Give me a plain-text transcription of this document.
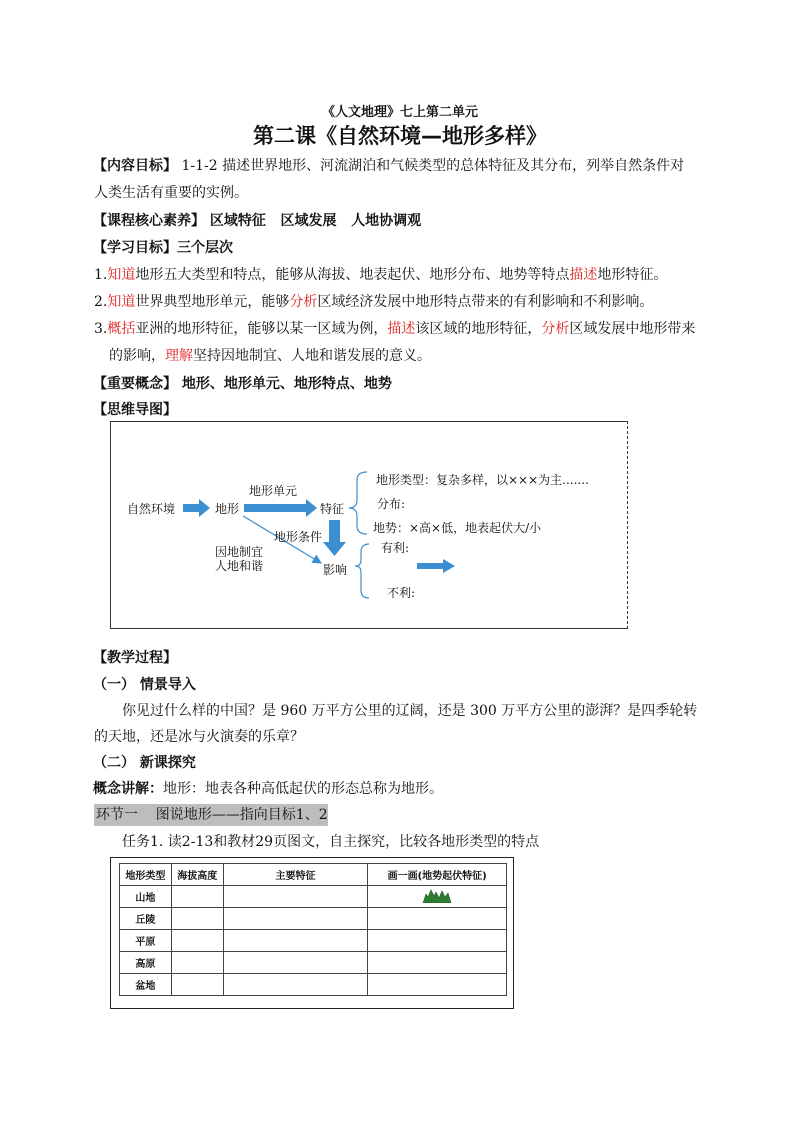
《人文地理》七上第二单元
第二课《自然环境—地形多样》
【内容目标】 1-1-2 描述世界地形、河流湖泊和气候类型的总体特征及其分布，列举自然条件对
人类生活有重要的实例。
【课程核心素养】 区域特征   区域发展   人地协调观
【学习目标】三个层次
1.知道地形五大类型和特点，能够从海拔、地表起伏、地形分布、地势等特点描述地形特征。
2.知道世界典型地形单元，能够分析区域经济发展中地形特点带来的有利影响和不利影响。
3.概括亚洲的地形特征，能够以某一区域为例，描述该区域的地形特征，分析区域发展中地形带来
的影响，理解坚持因地制宜、人地和谐发展的意义。
【重要概念】 地形、地形单元、地形特点、地势
【思维导图】
自然环境	地形
地形单元
特征
地形条件
因地制宜
人地和谐	影响
地形类型：复杂多样，以×××为主.......
分布:
地势：×高×低，地表起伏大/小
有利:
不利:
【教学过程】
（一） 情景导入
你见过什么样的中国？是 960 万平方公里的辽阔，还是 300 万平方公里的澎湃？是四季轮转
的天地，还是冰与火演奏的乐章？
（二） 新课探究
概念讲解：地形：地表各种高低起伏的形态总称为地形。
环节一    图说地形——指向目标1、2
任务1. 读2-13和教材29页图文，自主探究，比较各地形类型的特点
地形类型	海拔高度	主要特征	画一画(地势起伏特征)
山地			
丘陵			
平原			
高原			
盆地			
